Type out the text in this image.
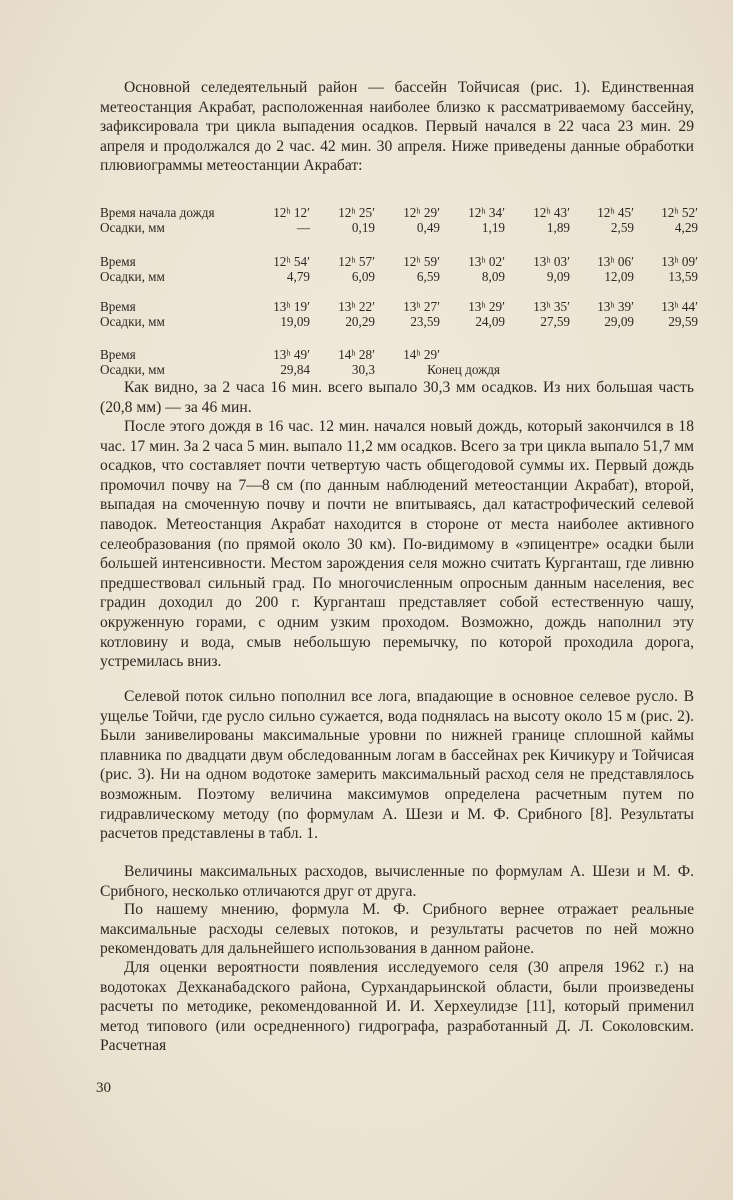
Основной селедеятельный район — бассейн Тойчисая (рис. 1). Единственная метеостанция Акрабат, расположенная наиболее близко к рассматриваемому бассейну, зафиксировала три цикла выпадения осадков. Первый начался в 22 часа 23 мин. 29 апреля и продолжался до 2 час. 42 мин. 30 апреля. Ниже приведены данные обработки плювиограммы метеостанции Акрабат:

Время начала дождя	12ʰ 12′	12ʰ 25′	12ʰ 29′	12ʰ 34′	12ʰ 43′	12ʰ 45′	12ʰ 52′
Осадки, мм	—	0,19	0,49	1,19	1,89	2,59	4,29
Время	12ʰ 54′	12ʰ 57′	12ʰ 59′	13ʰ 02′	13ʰ 03′	13ʰ 06′	13ʰ 09′
Осадки, мм	4,79	6,09	6,59	8,09	9,09	12,09	13,59
Время	13ʰ 19′	13ʰ 22′	13ʰ 27′	13ʰ 29′	13ʰ 35′	13ʰ 39′	13ʰ 44′
Осадки, мм	19,09	20,29	23,59	24,09	27,59	29,09	29,59
Время	13ʰ 49′	14ʰ 28′	14ʰ 29′
Осадки, мм	29,84	30,3	Конец дождя

Как видно, за 2 часа 16 мин. всего выпало 30,3 мм осадков. Из них большая часть (20,8 мм) — за 46 мин.

После этого дождя в 16 час. 12 мин. начался новый дождь, который закончился в 18 час. 17 мин. За 2 часа 5 мин. выпало 11,2 мм осадков. Всего за три цикла выпало 51,7 мм осадков, что составляет почти четвертую часть общегодовой суммы их. Первый дождь промочил почву на 7—8 см (по данным наблюдений метеостанции Акрабат), второй, выпадая на смоченную почву и почти не впитываясь, дал катастрофический селевой паводок. Метеостанция Акрабат находится в стороне от места наиболее активного селеобразования (по прямой около 30 км). По-видимому в «эпицентре» осадки были большей интенсивности. Местом зарождения селя можно считать Курганташ, где ливню предшествовал сильный град. По многочисленным опросным данным населения, вес градин доходил до 200 г. Курганташ представляет собой естественную чашу, окруженную горами, с одним узким проходом. Возможно, дождь наполнил эту котловину и вода, смыв небольшую перемычку, по которой проходила дорога, устремилась вниз.

Селевой поток сильно пополнил все лога, впадающие в основное селевое русло. В ущелье Тойчи, где русло сильно сужается, вода поднялась на высоту около 15 м (рис. 2). Были занивелированы максимальные уровни по нижней границе сплошной каймы плавника по двадцати двум обследованным логам в бассейнах рек Кичикуру и Тойчисая (рис. 3). Ни на одном водотоке замерить максимальный расход селя не представлялось возможным. Поэтому величина максимумов определена расчетным путем по гидравлическому методу (по формулам А. Шези и М. Ф. Срибного [8]. Результаты расчетов представлены в табл. 1.

Величины максимальных расходов, вычисленные по формулам А. Шези и М. Ф. Срибного, несколько отличаются друг от друга.

По нашему мнению, формула М. Ф. Срибного вернее отражает реальные максимальные расходы селевых потоков, и результаты расчетов по ней можно рекомендовать для дальнейшего использования в данном районе.

Для оценки вероятности появления исследуемого селя (30 апреля 1962 г.) на водотоках Дехканабадского района, Сурхандарьинской области, были произведены расчеты по методике, рекомендованной И. И. Херхеулидзе [11], который применил метод типового (или осредненного) гидрографа, разработанный Д. Л. Соколовским. Расчетная

30
